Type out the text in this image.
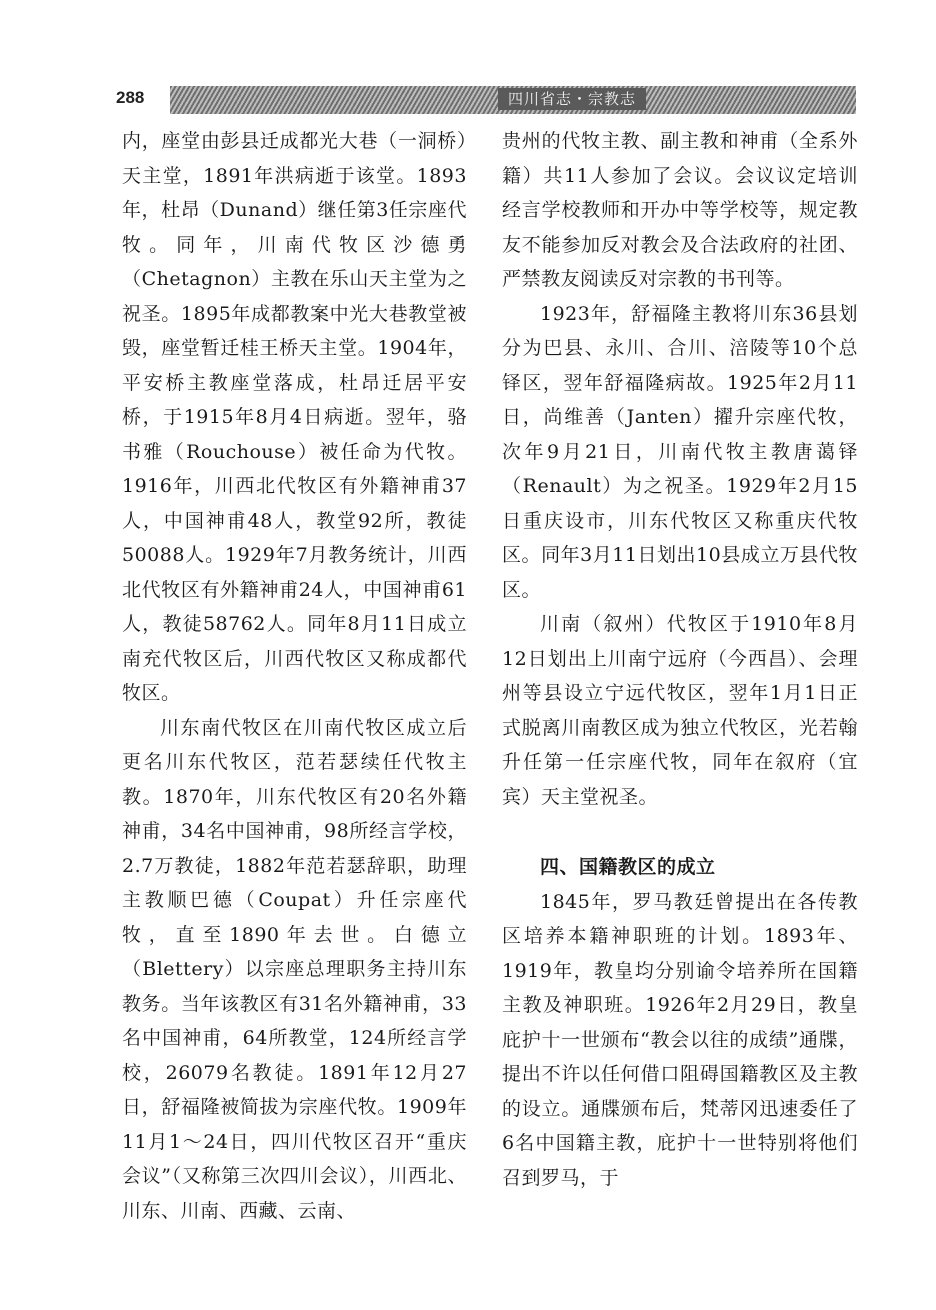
288	四川省志・宗教志

内，座堂由彭县迁成都光大巷（一洞桥）天主堂，1891年洪病逝于该堂。1893年，杜昂（Dunand）继任第3任宗座代牧。同年，川南代牧区沙德勇（Chetagnon）主教在乐山天主堂为之祝圣。1895年成都教案中光大巷教堂被毁，座堂暂迁桂王桥天主堂。1904年，平安桥主教座堂落成，杜昂迁居平安桥，于1915年8月4日病逝。翌年，骆书雅（Rouchouse）被任命为代牧。1916年，川西北代牧区有外籍神甫37人，中国神甫48人，教堂92所，教徒50088人。1929年7月教务统计，川西北代牧区有外籍神甫24人，中国神甫61人，教徒58762人。同年8月11日成立南充代牧区后，川西代牧区又称成都代牧区。

川东南代牧区在川南代牧区成立后更名川东代牧区，范若瑟续任代牧主教。1870年，川东代牧区有20名外籍神甫，34名中国神甫，98所经言学校，2.7万教徒，1882年范若瑟辞职，助理主教顺巴德（Coupat）升任宗座代牧，直至1890年去世。白德立（Blettery）以宗座总理职务主持川东教务。当年该教区有31名外籍神甫，33名中国神甫，64所教堂，124所经言学校，26079名教徒。1891年12月27日，舒福隆被简拔为宗座代牧。1909年11月1～24日，四川代牧区召开“重庆会议”（又称第三次四川会议），川西北、川东、川南、西藏、云南、

贵州的代牧主教、副主教和神甫（全系外籍）共11人参加了会议。会议议定培训经言学校教师和开办中等学校等，规定教友不能参加反对教会及合法政府的社团、严禁教友阅读反对宗教的书刊等。

1923年，舒福隆主教将川东36县划分为巴县、永川、合川、涪陵等10个总铎区，翌年舒福隆病故。1925年2月11日，尚维善（Janten）擢升宗座代牧，次年9月21日，川南代牧主教唐蔼铎（Renault）为之祝圣。1929年2月15日重庆设市，川东代牧区又称重庆代牧区。同年3月11日划出10县成立万县代牧区。

川南（叙州）代牧区于1910年8月12日划出上川南宁远府（今西昌）、会理州等县设立宁远代牧区，翌年1月1日正式脱离川南教区成为独立代牧区，光若翰升任第一任宗座代牧，同年在叙府（宜宾）天主堂祝圣。

四、国籍教区的成立

1845年，罗马教廷曾提出在各传教区培养本籍神职班的计划。1893年、1919年，教皇均分别谕令培养所在国籍主教及神职班。1926年2月29日，教皇庇护十一世颁布“教会以往的成绩”通牒，提出不许以任何借口阻碍国籍教区及主教的设立。通牒颁布后，梵蒂冈迅速委任了6名中国籍主教，庇护十一世特别将他们召到罗马，于
